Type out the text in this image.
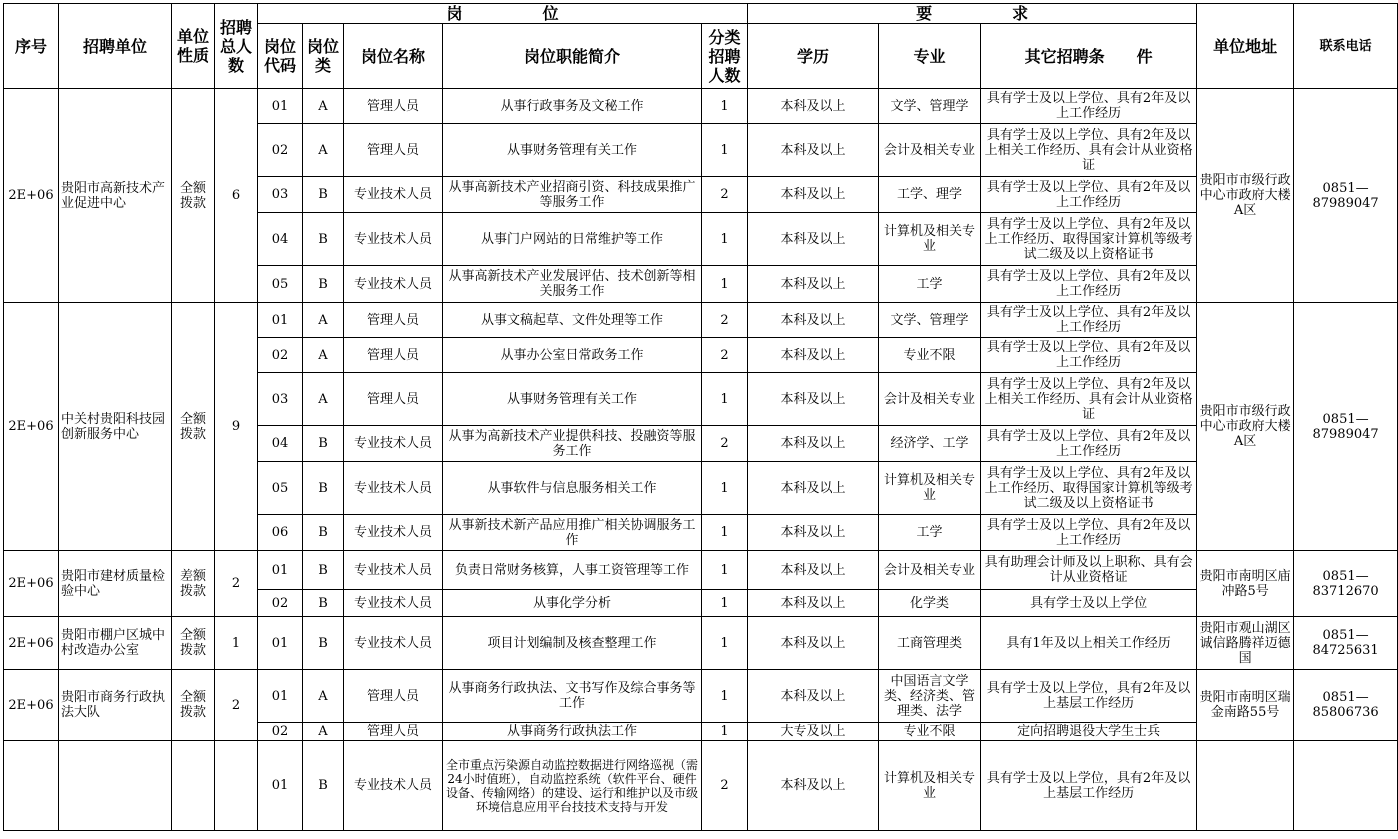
序号	招聘单位	单位性质	招聘总人数	岗　　　　　位					要　　　　　求			单位地址	联系电话
				岗位代码	岗位类	岗位名称	岗位职能简介	分类招聘人数	学历	专业	其它招聘条　　件		
2E+06	贵阳市高新技术产业促进中心	全额拨款	6	01	A	管理人员	从事行政事务及文秘工作	1	本科及以上	文学、管理学	具有学士及以上学位、具有2年及以上工作经历	贵阳市市级行政中心市政府大楼A区	0851—87989047
				02	A	管理人员	从事财务管理有关工作	1	本科及以上	会计及相关专业	具有学士及以上学位、具有2年及以上相关工作经历、具有会计从业资格证		
				03	B	专业技术人员	从事高新技术产业招商引资、科技成果推广等服务工作	2	本科及以上	工学、理学	具有学士及以上学位、具有2年及以上工作经历		
				04	B	专业技术人员	从事门户网站的日常维护等工作	1	本科及以上	计算机及相关专业	具有学士及以上学位、具有2年及以上工作经历、取得国家计算机等级考试二级及以上资格证书		
				05	B	专业技术人员	从事高新技术产业发展评估、技术创新等相关服务工作	1	本科及以上	工学	具有学士及以上学位、具有2年及以上工作经历		
2E+06	中关村贵阳科技园创新服务中心	全额拨款	9	01	A	管理人员	从事文稿起草、文件处理等工作	2	本科及以上	文学、管理学	具有学士及以上学位、具有2年及以上工作经历	贵阳市市级行政中心市政府大楼A区	0851—87989047
				02	A	管理人员	从事办公室日常政务工作	2	本科及以上	专业不限	具有学士及以上学位、具有2年及以上工作经历		
				03	A	管理人员	从事财务管理有关工作	1	本科及以上	会计及相关专业	具有学士及以上学位、具有2年及以上相关工作经历、具有会计从业资格证		
				04	B	专业技术人员	从事为高新技术产业提供科技、投融资等服务工作	2	本科及以上	经济学、工学	具有学士及以上学位、具有2年及以上工作经历		
				05	B	专业技术人员	从事软件与信息服务相关工作	1	本科及以上	计算机及相关专业	具有学士及以上学位、具有2年及以上工作经历、取得国家计算机等级考试二级及以上资格证书		
				06	B	专业技术人员	从事新技术新产品应用推广相关协调服务工作	1	本科及以上	工学	具有学士及以上学位、具有2年及以上工作经历		
2E+06	贵阳市建材质量检验中心	差额拨款	2	01	B	专业技术人员	负责日常财务核算，人事工资管理等工作	1	本科及以上	会计及相关专业	具有助理会计师及以上职称、具有会计从业资格证	贵阳市南明区庙冲路5号	0851—83712670
				02	B	专业技术人员	从事化学分析	1	本科及以上	化学类	具有学士及以上学位		
2E+06	贵阳市棚户区城中村改造办公室	全额拨款	1	01	B	专业技术人员	项目计划编制及核查整理工作	1	本科及以上	工商管理类	具有1年及以上相关工作经历	贵阳市观山湖区诚信路腾祥迈德国	0851—84725631
2E+06	贵阳市商务行政执法大队	全额拨款	2	01	A	管理人员	从事商务行政执法、文书写作及综合事务等工作	1	本科及以上	中国语言文学类、经济类、管理类、法学	具有学士及以上学位，具有2年及以上基层工作经历	贵阳市南明区瑞金南路55号	0851—85806736
				02	A	管理人员	从事商务行政执法工作	1	大专及以上	专业不限	定向招聘退役大学生士兵		
				01	B	专业技术人员	全市重点污染源自动监控数据进行网络巡视（需24小时值班），自动监控系统（软件平台、硬件设备、传输网络）的建设、运行和维护以及市级环境信息应用平台技技术支持与开发	2	本科及以上	计算机及相关专业	具有学士及以上学位，具有2年及以上基层工作经历		
